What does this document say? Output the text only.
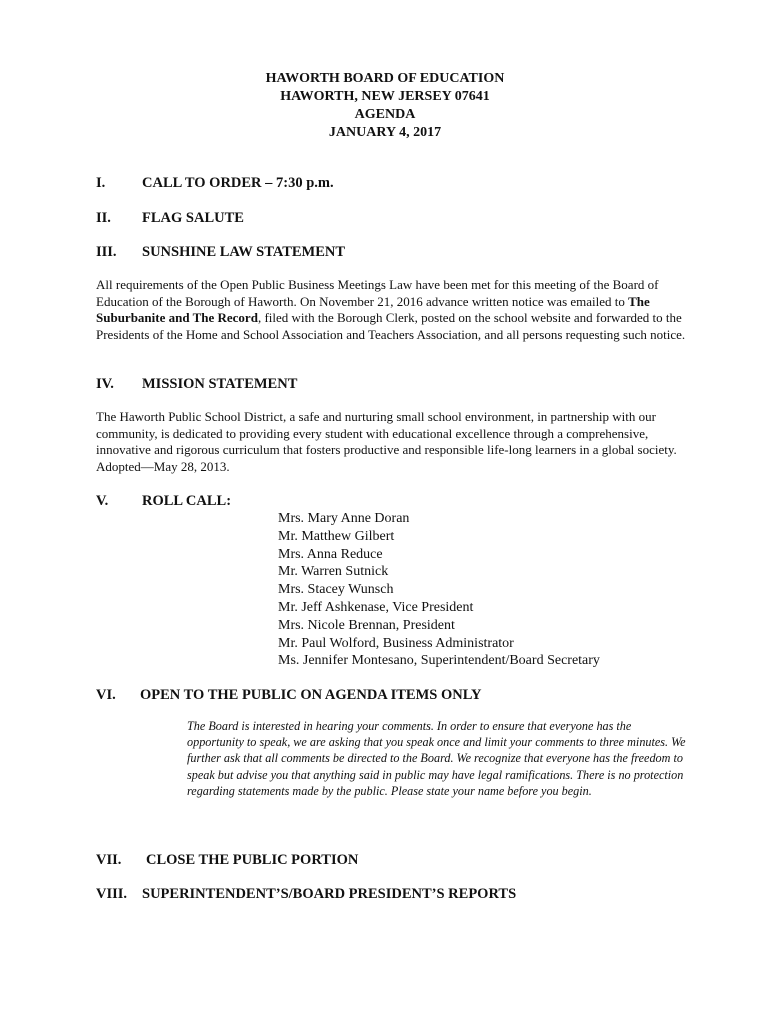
HAWORTH BOARD OF EDUCATION
HAWORTH, NEW JERSEY 07641
AGENDA
JANUARY 4, 2017
I.	CALL TO ORDER – 7:30 p.m.
II. FLAG SALUTE
III. SUNSHINE LAW STATEMENT
All requirements of the Open Public Business Meetings Law have been met for this meeting of the Board of Education of the Borough of Haworth. On November 21, 2016 advance written notice was emailed to The Suburbanite and The Record, filed with the Borough Clerk, posted on the school website and forwarded to the Presidents of the Home and School Association and Teachers Association, and all persons requesting such notice.
IV. MISSION STATEMENT
The Haworth Public School District, a safe and nurturing small school environment, in partnership with our community, is dedicated to providing every student with educational excellence through a comprehensive, innovative and rigorous curriculum that fosters productive and responsible life-long learners in a global society. Adopted—May 28, 2013.
V. ROLL CALL:
Mrs. Mary Anne Doran
Mr. Matthew Gilbert
Mrs. Anna Reduce
Mr. Warren Sutnick
Mrs. Stacey Wunsch
Mr. Jeff Ashkenase, Vice President
Mrs. Nicole Brennan, President
Mr. Paul Wolford, Business Administrator
Ms. Jennifer Montesano, Superintendent/Board Secretary
VI. OPEN TO THE PUBLIC ON AGENDA ITEMS ONLY
The Board is interested in hearing your comments. In order to ensure that everyone has the opportunity to speak, we are asking that you speak once and limit your comments to three minutes. We further ask that all comments be directed to the Board. We recognize that everyone has the freedom to speak but advise you that anything said in public may have legal ramifications. There is no protection regarding statements made by the public. Please state your name before you begin.
VII. CLOSE THE PUBLIC PORTION
VIII. SUPERINTENDENT’S/BOARD PRESIDENT’S REPORTS
